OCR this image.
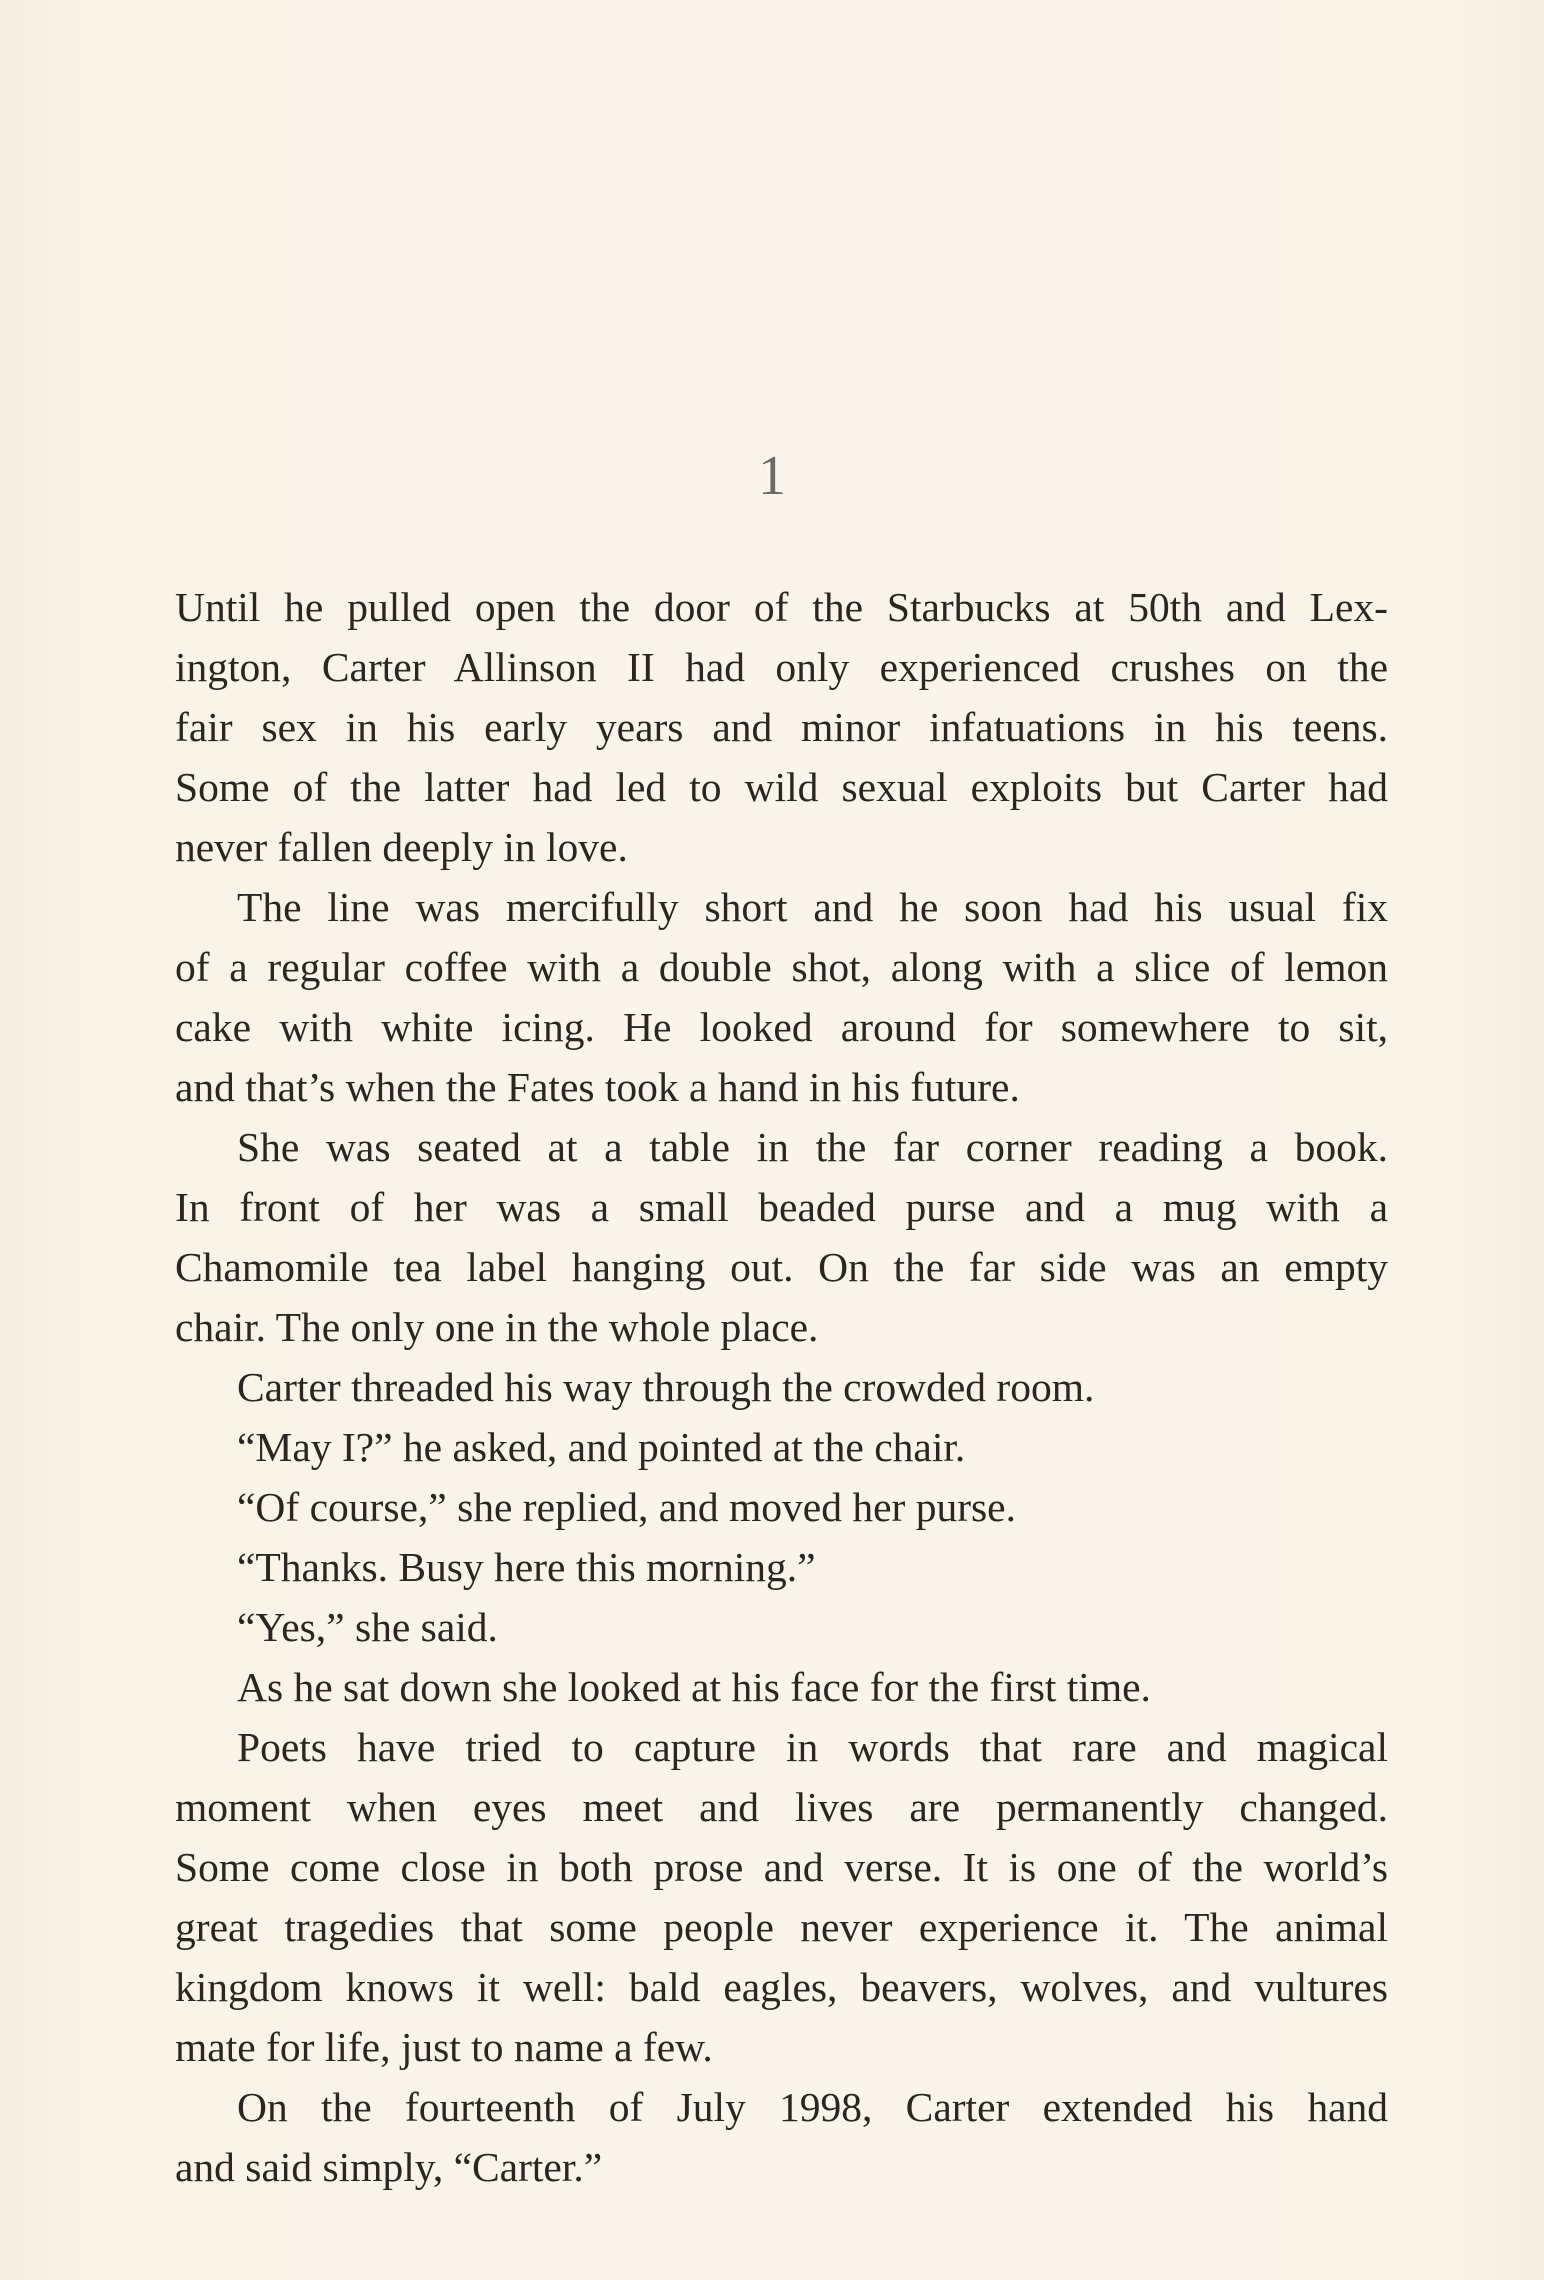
1

Until he pulled open the door of the Starbucks at 50th and Lex-
ington, Carter Allinson II had only experienced crushes on the
fair sex in his early years and minor infatuations in his teens.
Some of the latter had led to wild sexual exploits but Carter had
never fallen deeply in love.

The line was mercifully short and he soon had his usual fix
of a regular coffee with a double shot, along with a slice of lemon
cake with white icing. He looked around for somewhere to sit,
and that’s when the Fates took a hand in his future.

She was seated at a table in the far corner reading a book.
In front of her was a small beaded purse and a mug with a
Chamomile tea label hanging out. On the far side was an empty
chair. The only one in the whole place.

Carter threaded his way through the crowded room.

“May I?” he asked, and pointed at the chair.

“Of course,” she replied, and moved her purse.

“Thanks. Busy here this morning.”

“Yes,” she said.

As he sat down she looked at his face for the first time.

Poets have tried to capture in words that rare and magical
moment when eyes meet and lives are permanently changed.
Some come close in both prose and verse. It is one of the world’s
great tragedies that some people never experience it. The animal
kingdom knows it well: bald eagles, beavers, wolves, and vultures
mate for life, just to name a few.

On the fourteenth of July 1998, Carter extended his hand
and said simply, “Carter.”
